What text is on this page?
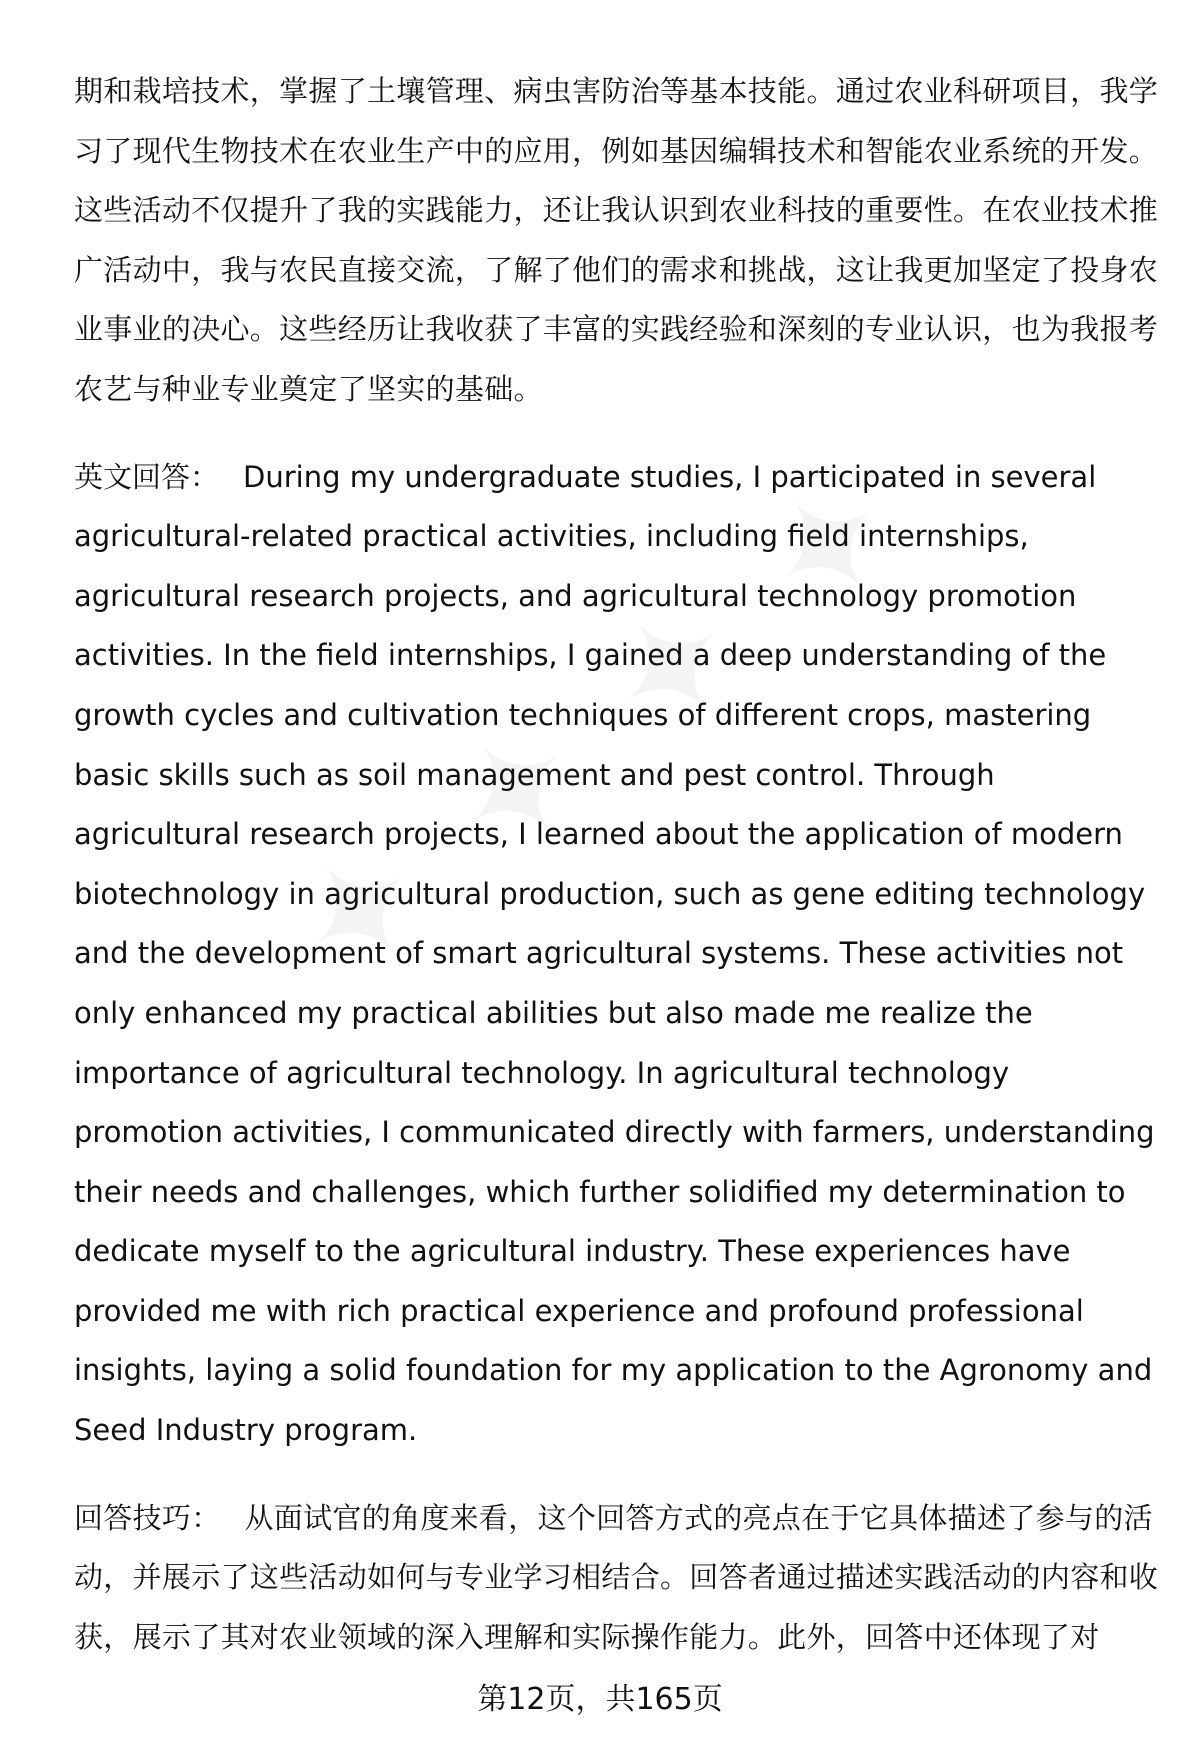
期和栽培技术，掌握了土壤管理、病虫害防治等基本技能。通过农业科研项目，我学习了现代生物技术在农业生产中的应用，例如基因编辑技术和智能农业系统的开发。这些活动不仅提升了我的实践能力，还让我认识到农业科技的重要性。在农业技术推广活动中，我与农民直接交流，了解了他们的需求和挑战，这让我更加坚定了投身农业事业的决心。这些经历让我收获了丰富的实践经验和深刻的专业认识，也为我报考农艺与种业专业奠定了坚实的基础。

英文回答： During my undergraduate studies, I participated in several agricultural-related practical activities, including field internships, agricultural research projects, and agricultural technology promotion activities. In the field internships, I gained a deep understanding of the growth cycles and cultivation techniques of different crops, mastering basic skills such as soil management and pest control. Through agricultural research projects, I learned about the application of modern biotechnology in agricultural production, such as gene editing technology and the development of smart agricultural systems. These activities not only enhanced my practical abilities but also made me realize the importance of agricultural technology. In agricultural technology promotion activities, I communicated directly with farmers, understanding their needs and challenges, which further solidified my determination to dedicate myself to the agricultural industry. These experiences have provided me with rich practical experience and profound professional insights, laying a solid foundation for my application to the Agronomy and Seed Industry program.

回答技巧： 从面试官的角度来看，这个回答方式的亮点在于它具体描述了参与的活动，并展示了这些活动如何与专业学习相结合。回答者通过描述实践活动的内容和收获，展示了其对农业领域的深入理解和实际操作能力。此外，回答中还体现了对

第12页，共165页
